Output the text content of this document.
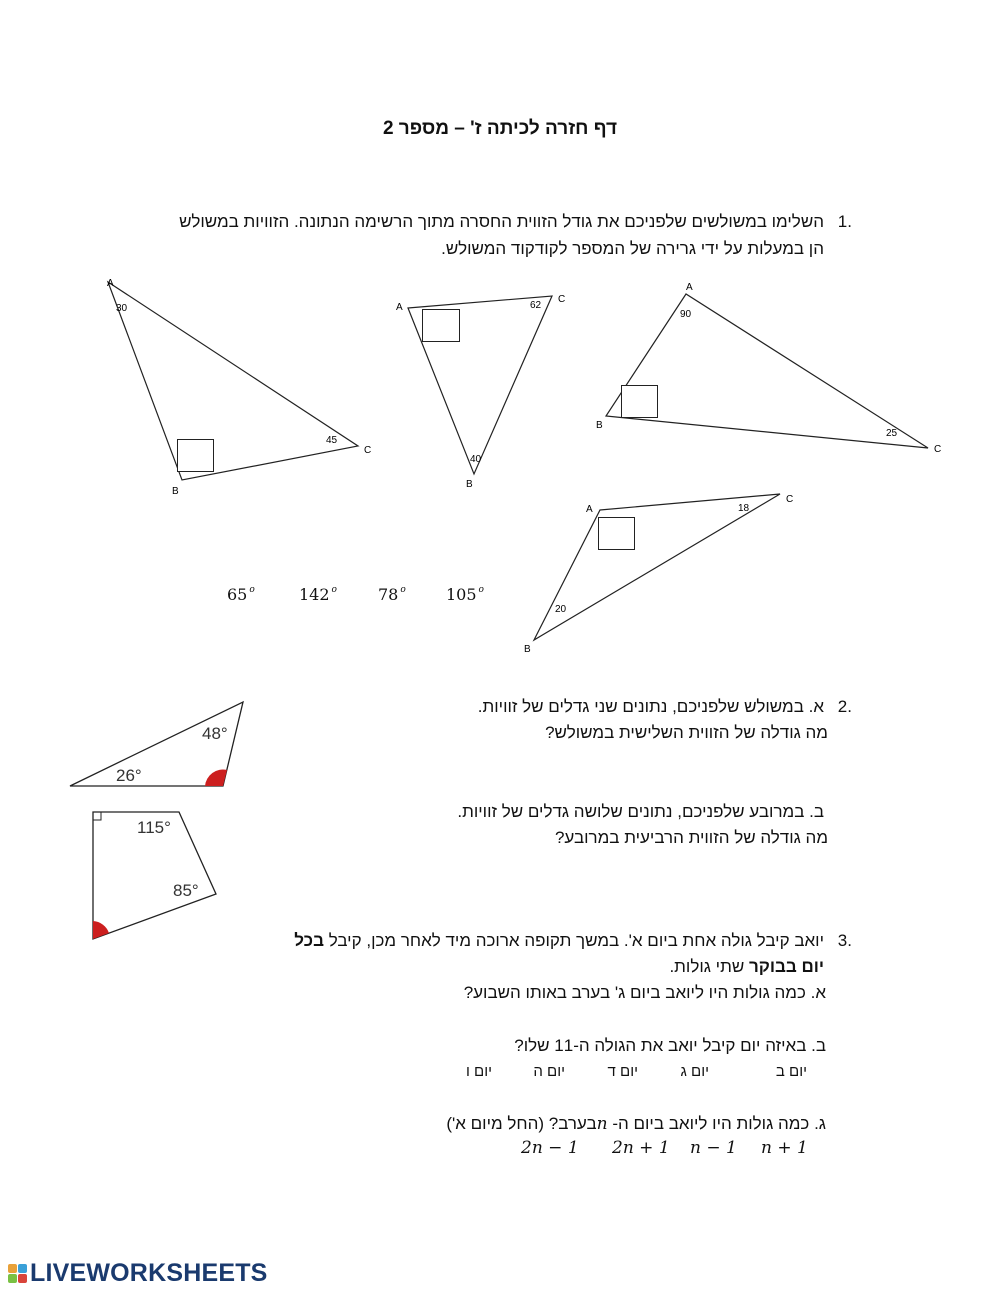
דף חזרה לכיתה ז' – מספר 2
.1
השלימו במשולשים שלפניכם את גודל הזווית החסרה מתוך הרשימה הנתונה. הזוויות במשולש
הן במעלות על ידי גרירה של המספר לקודקוד המשולש.
A
B
C
30
45
A
C
B
62
40
A
B
C
90
25
A
C
B
18
20
65 $^o$	142 $^o$	78 $^o$	105 $^o$
48°
26°
115°
85°
.2
א. במשולש שלפניכם, נתונים שני גדלים של זוויות.
מה גודלה של הזווית השלישית במשולש?
ב. במרובע שלפניכם, נתונים שלושה גדלים של זוויות.
מה גודלה של הזווית הרביעית במרובע?
.3
יואב קיבל גולה אחת ביום א'. במשך תקופה ארוכה מיד לאחר מכן, קיבל בכל
יום בבוקר שתי גולות.
א. כמה גולות היו ליואב ביום ג' בערב באותו השבוע?
ב. באיזה יום קיבל יואב את הגולה ה-11 שלו?
יום ב
יום ג
יום ד
יום ה
יום ו
ג. כמה גולות היו ליואב ביום ה- nבערב? (החל מיום א')
n + 1
n − 1
2n + 1
2n − 1
LIVEWORKSHEETS
